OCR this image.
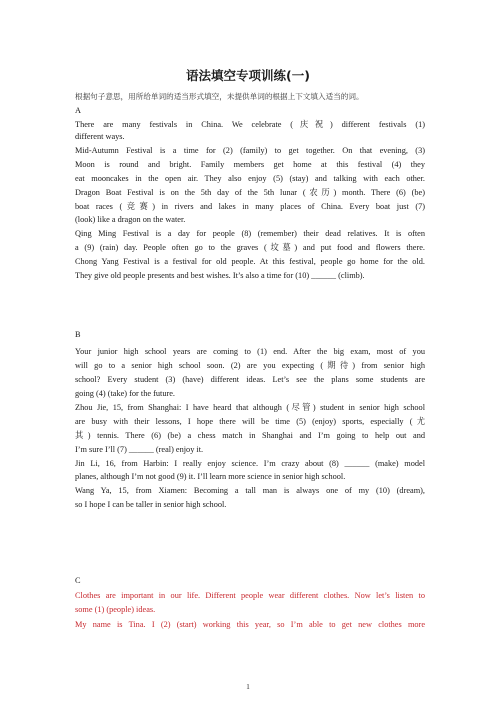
语法填空专项训练(一)
根据句子意思，用所给单词的适当形式填空，未提供单词的根据上下文填入适当的词。
A
There are many festivals in China. We celebrate (庆祝) different festivals (1)
different ways.
Mid-Autumn Festival is a time for (2) (family) to get together. On that evening, (3)
Moon is round and bright. Family members get home at this festival (4) they
eat mooncakes in the open air. They also enjoy (5) (stay) and talking with each other.
Dragon Boat Festival is on the 5th day of the 5th lunar (农历) month. There (6) (be)
boat races (竞赛) in rivers and lakes in many places of China. Every boat just (7)
(look) like a dragon on the water.
Qing Ming Festival is a day for people (8) (remember) their dead relatives. It is often
a (9) (rain) day. People often go to the graves (坟墓) and put food and flowers there.
Chong Yang Festival is a festival for old people. At this festival, people go home for the old.
They give old people presents and best wishes. It’s also a time for (10) ______ (climb).
B
Your junior high school years are coming to (1) end. After the big exam, most of you
will go to a senior high school soon. (2) are you expecting (期待) from senior high
school? Every student (3) (have) different ideas. Let’s see the plans some students are
going (4) (take) for the future.
Zhou Jie, 15, from Shanghai: I have heard that although (尽管) student in senior high school
are busy with their lessons, I hope there will be time (5) (enjoy) sports, especially (尤
其) tennis. There (6) (be) a chess match in Shanghai and I’m going to help out and
I’m sure I’ll (7) ______ (real) enjoy it.
Jin Li, 16, from Harbin: I really enjoy science. I’m crazy about (8) ______ (make) model
planes, although I’m not good (9) it. I’ll learn more science in senior high school.
Wang Ya, 15, from Xiamen: Becoming a tall man is always one of my (10) (dream),
so I hope I can be taller in senior high school.
C
Clothes are important in our life. Different people wear different clothes. Now let’s listen to
some (1) (people) ideas.
My name is Tina. I (2) (start) working this year, so I’m able to get new clothes more
1
